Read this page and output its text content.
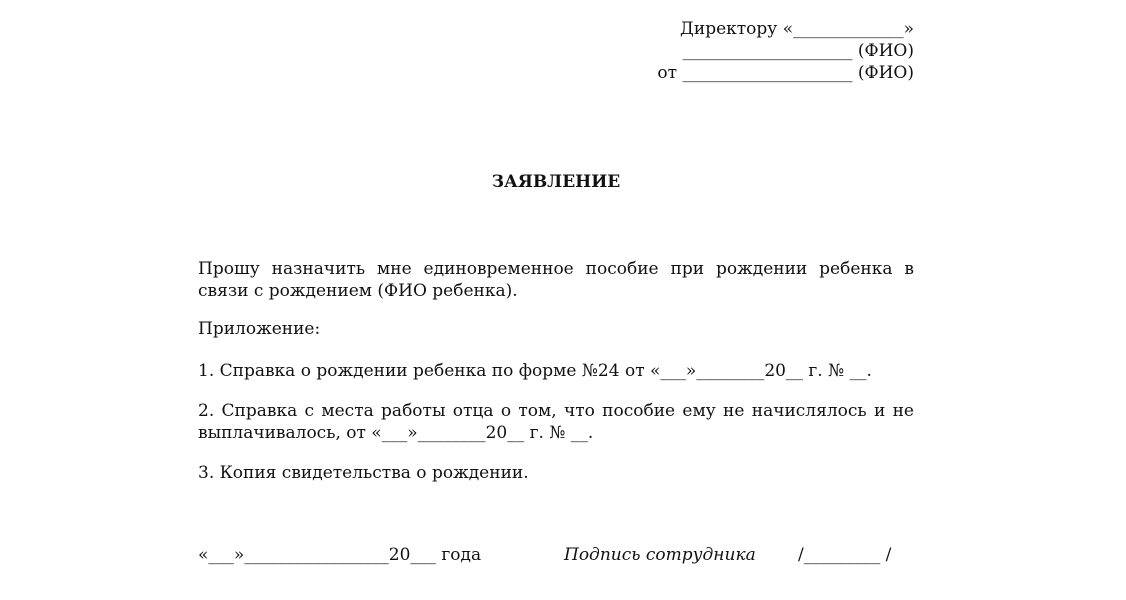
Директору «_____________»
____________________ (ФИО)
от ____________________ (ФИО)
ЗАЯВЛЕНИЕ
Прошу назначить мне единовременное пособие при рождении ребенка в связи с рождением (ФИО ребенка).
Приложение:
1. Справка о рождении ребенка по форме №24 от «___»________20__ г. № __.
2. Справка с места работы отца о том, что пособие ему не начислялось и не выплачивалось, от «___»________20__ г. № __.
3. Копия свидетельства о рождении.
«___»_________________20___ года	Подпись сотрудника /_________ /
